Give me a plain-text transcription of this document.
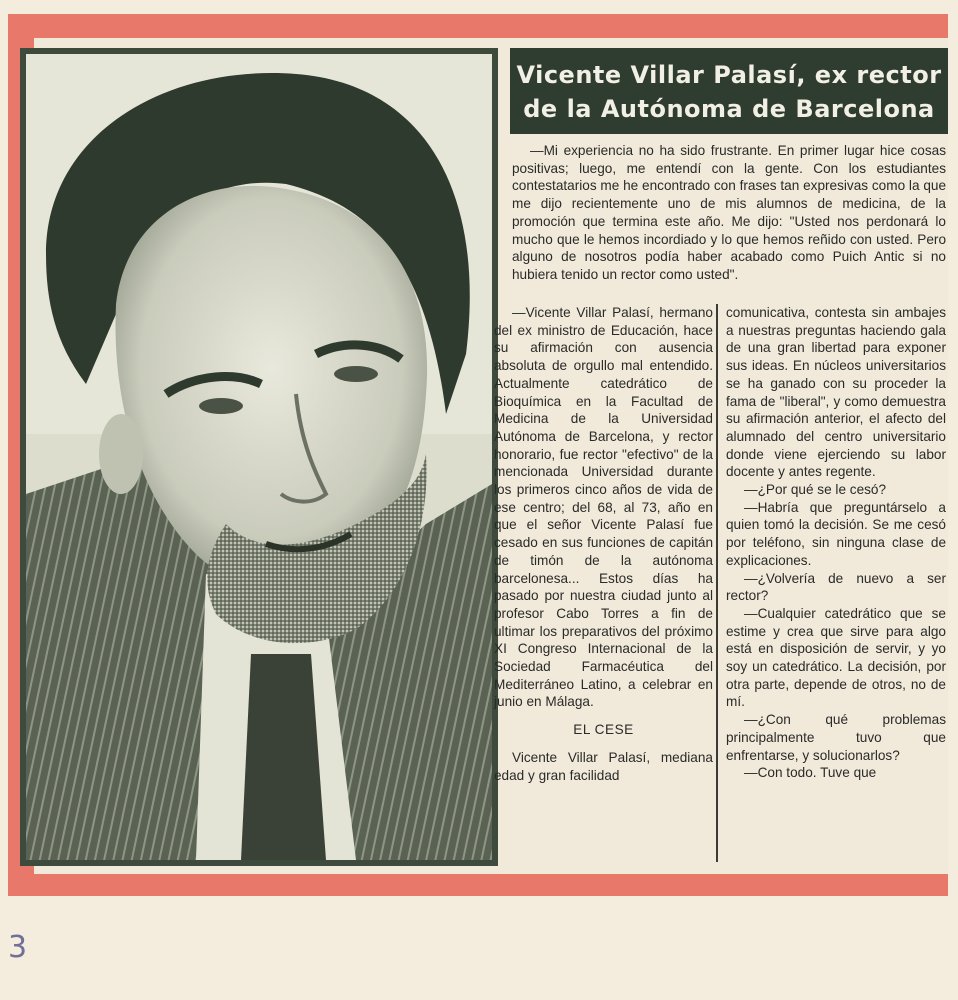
Vicente Villar Palasí, ex rector
de la Autónoma de Barcelona

—Mi experiencia no ha sido frustrante. En primer lugar hice cosas positivas; luego, me entendí con la gente. Con los estudiantes contestatarios me he encontrado con frases tan expresivas como la que me dijo recientemente uno de mis alumnos de medicina, de la promoción que termina este año. Me dijo: "Usted nos perdonará lo mucho que le hemos incordiado y lo que hemos reñido con usted. Pero alguno de nosotros podía haber acabado como Puich Antic si no hubiera tenido un rector como usted".

—Vicente Villar Palasí, hermano del ex ministro de Educación, hace su afirmación con ausencia absoluta de orgullo mal entendido. Actualmente catedrático de Bioquímica en la Facultad de Medicina de la Universidad Autónoma de Barcelona, y rector honorario, fue rector "efectivo" de la mencionada Universidad durante los primeros cinco años de vida de ese centro; del 68, al 73, año en que el señor Vicente Palasí fue cesado en sus funciones de capitán de timón de la autónoma barcelonesa... Estos días ha pasado por nuestra ciudad junto al profesor Cabo Torres a fin de ultimar los preparativos del próximo XI Congreso Internacional de la Sociedad Farmacéutica del Mediterráneo Latino, a celebrar en junio en Málaga.

EL CESE

Vicente Villar Palasí, mediana edad y gran facilidad

comunicativa, contesta sin ambajes a nuestras preguntas haciendo gala de una gran libertad para exponer sus ideas. En núcleos universitarios se ha ganado con su proceder la fama de "liberal", y como demuestra su afirmación anterior, el afecto del alumnado del centro universitario donde viene ejerciendo su labor docente y antes regente.

—¿Por qué se le cesó?

—Habría que preguntárselo a quien tomó la decisión. Se me cesó por teléfono, sin ninguna clase de explicaciones.

—¿Volvería de nuevo a ser rector?

—Cualquier catedrático que se estime y crea que sirve para algo está en disposición de servir, y yo soy un catedrático. La decisión, por otra parte, depende de otros, no de mí.

—¿Con qué problemas principalmente tuvo que enfrentarse, y solucionarlos?

—Con todo. Tuve que

3
